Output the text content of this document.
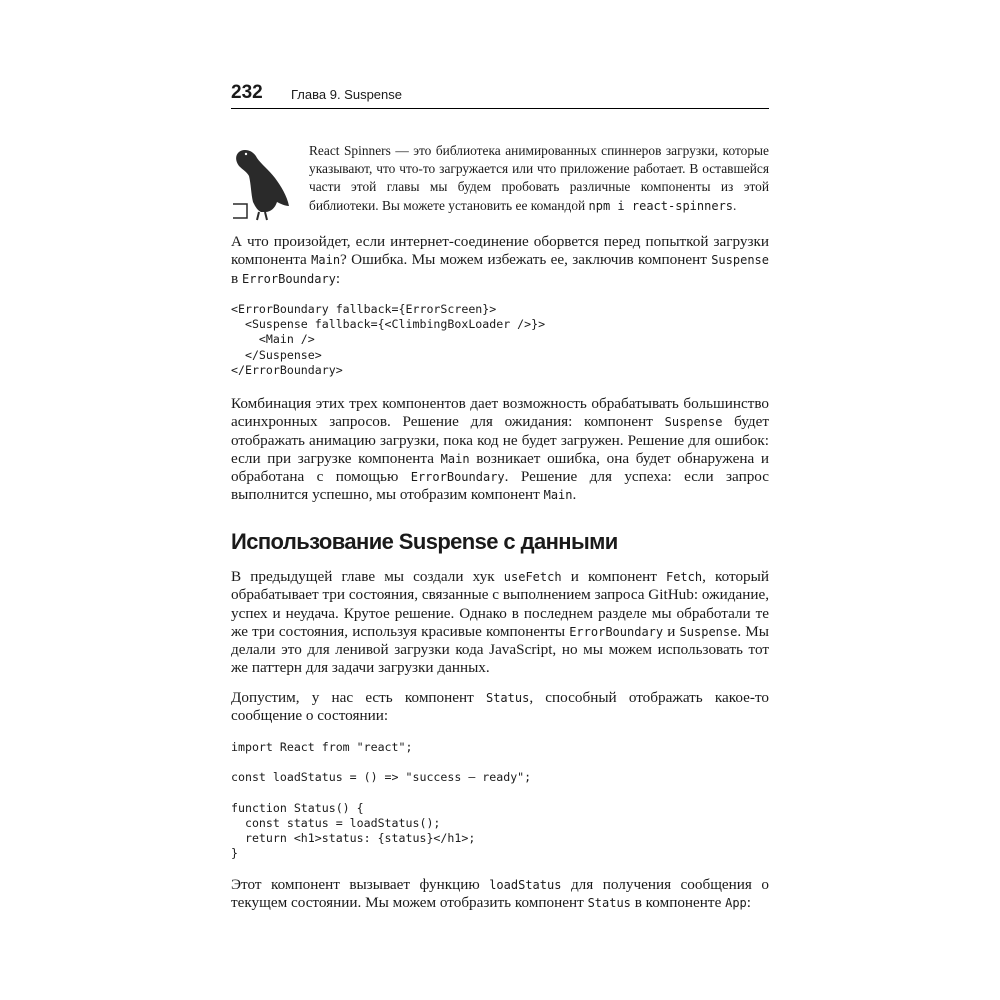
232 Глава 9. Suspense
React Spinners — это библиотека анимированных спиннеров загрузки, которые указывают, что что-то загружается или что приложение работает. В оставшейся части этой главы мы будем пробовать различные компоненты из этой библиотеки. Вы можете установить ее командой npm i react-spinners.

А что произойдет, если интернет-соединение оборвется перед попыткой загрузки компонента Main? Ошибка. Мы можем избежать ее, заключив компонент Suspense в ErrorBoundary:

<ErrorBoundary fallback={ErrorScreen}>
<Suspense fallback={<ClimbingBoxLoader />}>
<Main />
</Suspense>
</ErrorBoundary>

Комбинация этих трех компонентов дает возможность обрабатывать большинство асинхронных запросов. Решение для ожидания: компонент Suspense будет отображать анимацию загрузки, пока код не будет загружен. Решение для ошибок: если при загрузке компонента Main возникает ошибка, она будет обнаружена и обработана с помощью ErrorBoundary. Решение для успеха: если запрос выполнится успешно, мы отобразим компонент Main.

Использование Suspense с данными

В предыдущей главе мы создали хук useFetch и компонент Fetch, который обрабатывает три состояния, связанные с выполнением запроса GitHub: ожидание, успех и неудача. Крутое решение. Однако в последнем разделе мы обработали те же три состояния, используя красивые компоненты ErrorBoundary и Suspense. Мы делали это для ленивой загрузки кода JavaScript, но мы можем использовать тот же паттерн для задачи загрузки данных.

Допустим, у нас есть компонент Status, способный отображать какое-то сообщение о состоянии:

import React from "react";

const loadStatus = () => "success — ready";

function Status() {
const status = loadStatus();
return <h1>status: {status}</h1>;
}

Этот компонент вызывает функцию loadStatus для получения сообщения о текущем состоянии. Мы можем отобразить компонент Status в компоненте App:
